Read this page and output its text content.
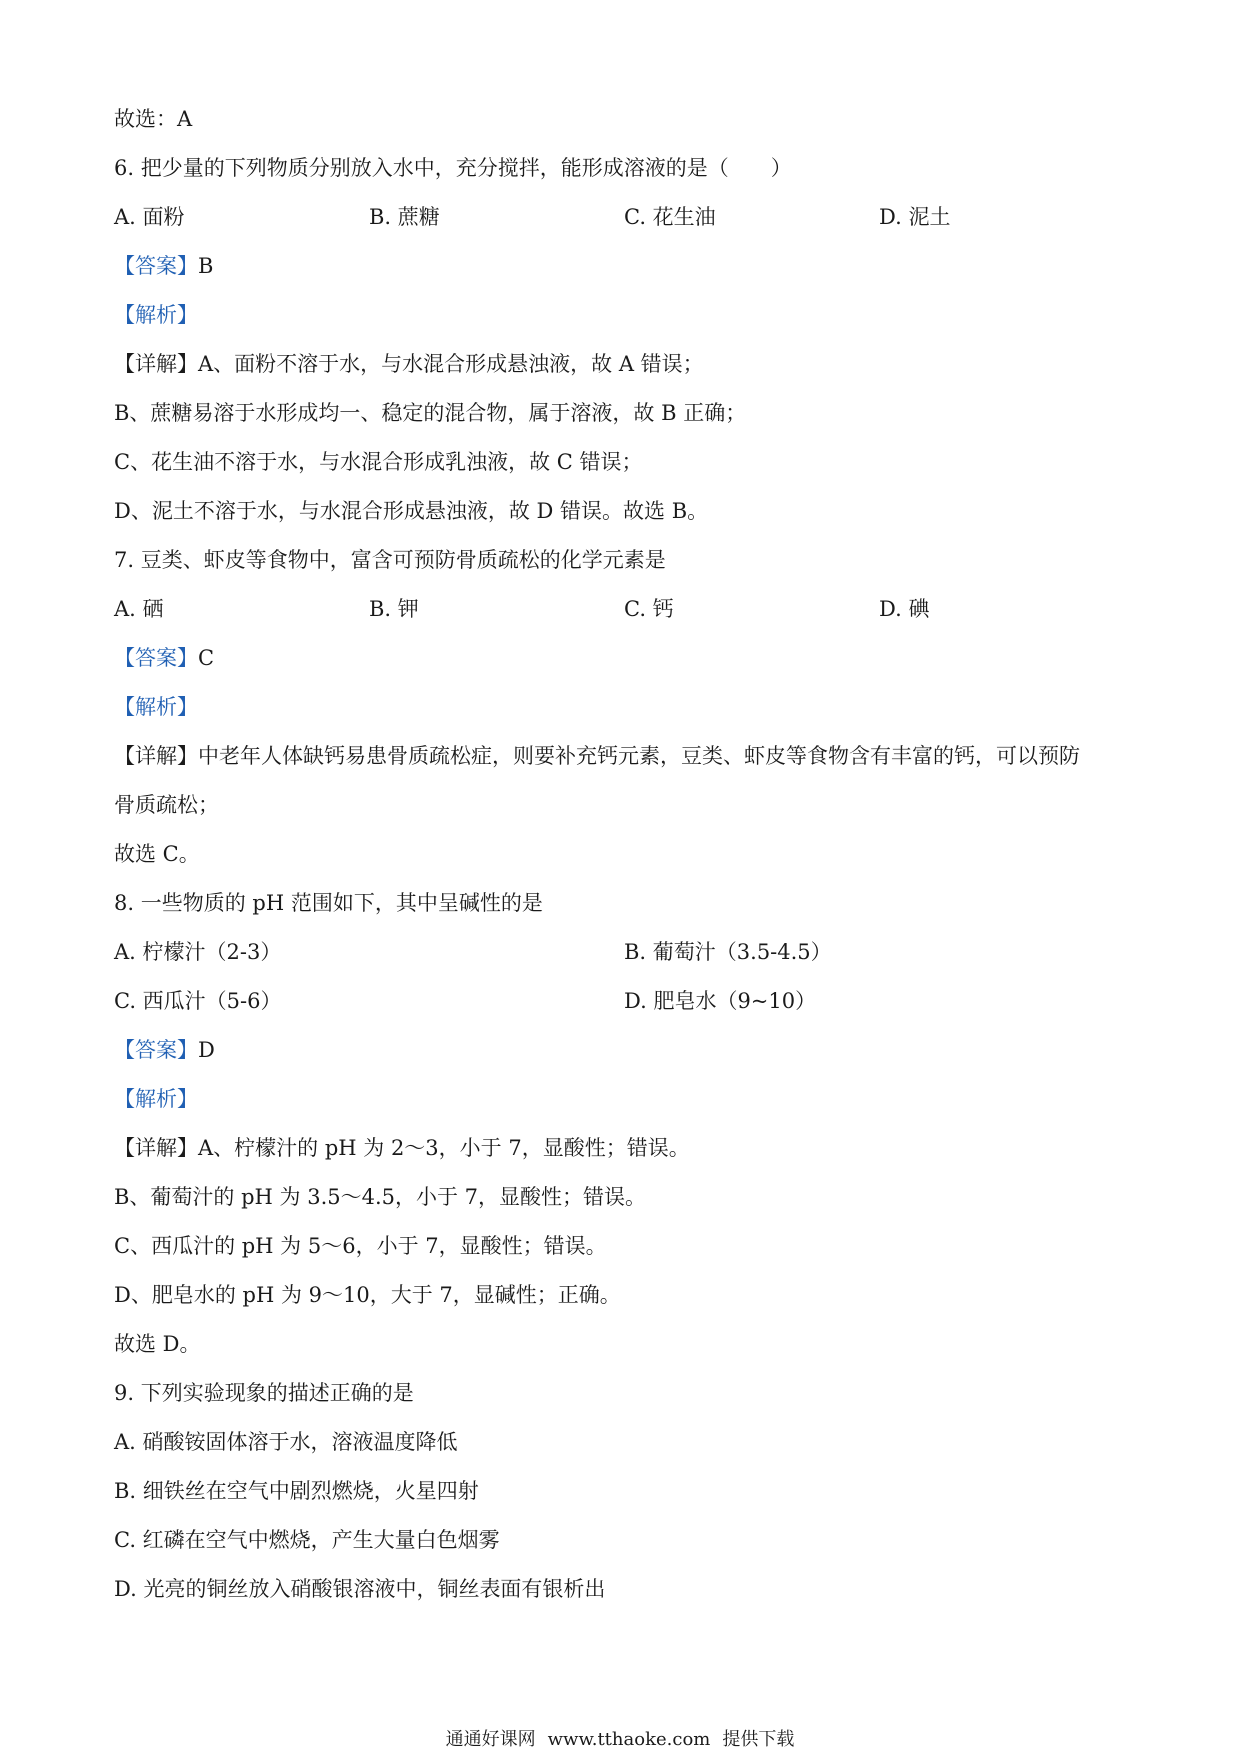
故选：A
6. 把少量的下列物质分别放入水中，充分搅拌，能形成溶液的是（　　）
A. 面粉	B. 蔗糖	C. 花生油	D. 泥土
【答案】B
【解析】
【详解】A、面粉不溶于水，与水混合形成悬浊液，故 A 错误；
B、蔗糖易溶于水形成均一、稳定的混合物，属于溶液，故 B 正确；
C、花生油不溶于水，与水混合形成乳浊液，故 C 错误；
D、泥土不溶于水，与水混合形成悬浊液，故 D 错误。故选 B。
7. 豆类、虾皮等食物中，富含可预防骨质疏松的化学元素是
A. 硒	B. 钾	C. 钙	D. 碘
【答案】C
【解析】
【详解】中老年人体缺钙易患骨质疏松症，则要补充钙元素，豆类、虾皮等食物含有丰富的钙，可以预防
骨质疏松；
故选 C。
8. 一些物质的 pH 范围如下，其中呈碱性的是
A. 柠檬汁（2-3）	B. 葡萄汁（3.5-4.5）
C. 西瓜汁（5-6）	D. 肥皂水（9~10）
【答案】D
【解析】
【详解】A、柠檬汁的 pH 为 2～3，小于 7，显酸性；错误。
B、葡萄汁的 pH 为 3.5～4.5，小于 7，显酸性；错误。
C、西瓜汁的 pH 为 5～6，小于 7，显酸性；错误。
D、肥皂水的 pH 为 9～10，大于 7，显碱性；正确。
故选 D。
9. 下列实验现象的描述正确的是
A. 硝酸铵固体溶于水，溶液温度降低
B. 细铁丝在空气中剧烈燃烧，火星四射
C. 红磷在空气中燃烧，产生大量白色烟雾
D. 光亮的铜丝放入硝酸银溶液中，铜丝表面有银析出
通通好课网 www.tthaoke.com 提供下载
